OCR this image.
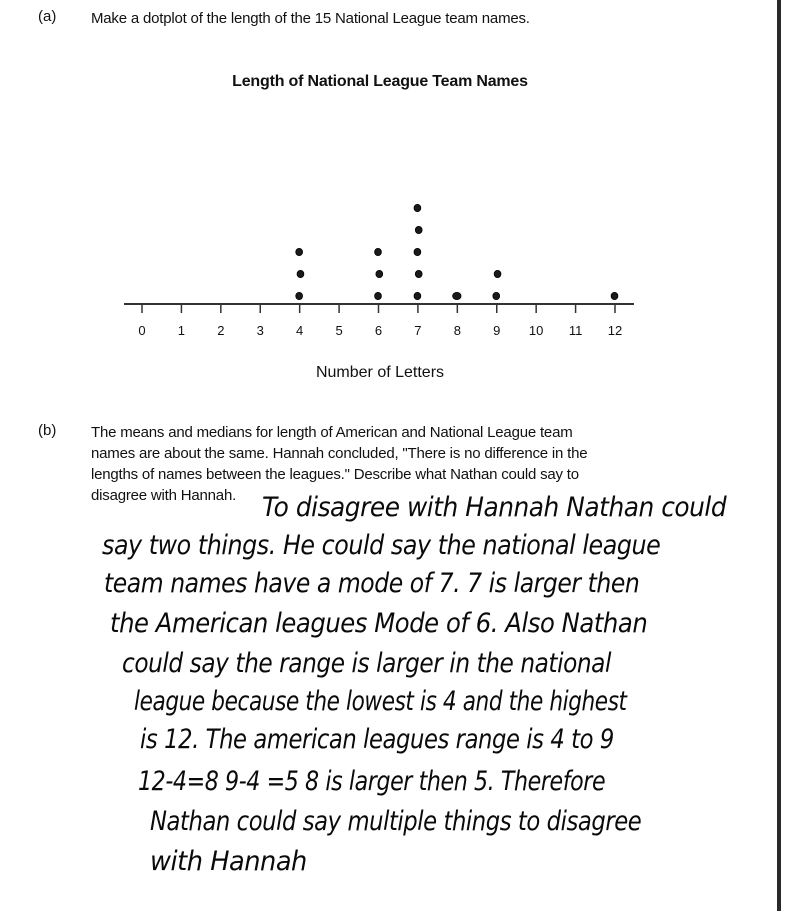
(a) Make a dotplot of the length of the 15 National League team names.
Length of National League Team Names
0 1 2 3 4 5 6 7 8 9 10 11 12
Number of Letters
(b) The means and medians for length of American and National League team
names are about the same. Hannah concluded, "There is no difference in the
lengths of names between the leagues." Describe what Nathan could say to
disagree with Hannah. To disagree with Hannah Nathan could
say two things. He could say the national league
team names have a mode of 7. 7 is larger then
the American leagues Mode of 6. Also Nathan
could say the range is larger in the national
league because the lowest is 4 and the highest
is 12. The american leagues range is 4 to 9
12-4=8 9-4 =5 8 is larger then 5. Therefore
Nathan could say multiple things to disagree
with Hannah
